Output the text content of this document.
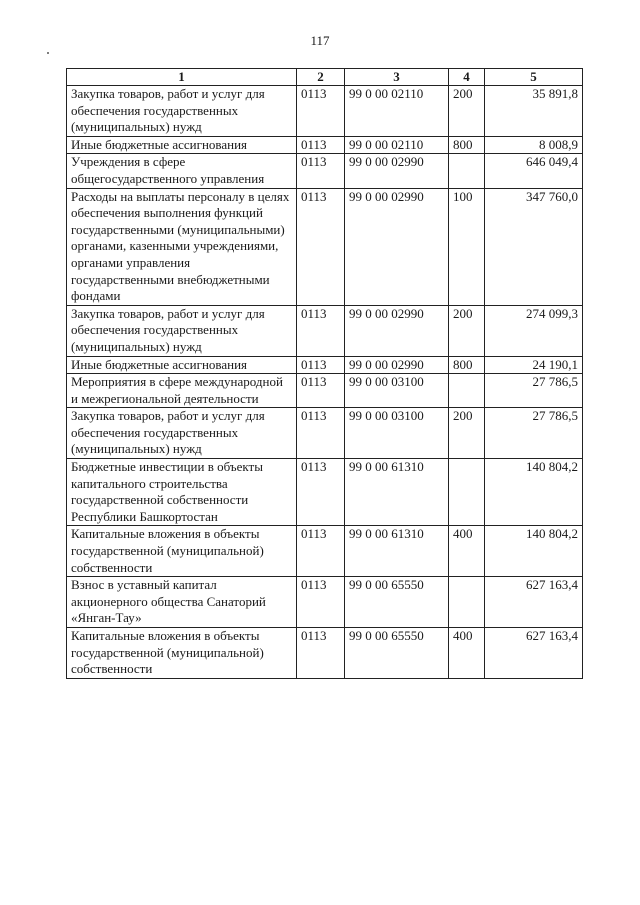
117
1	2	3	4	5
Закупка товаров, работ и услуг для обеспечения государственных (муниципальных) нужд	0113	99 0 00 02110	200	35 891,8
Иные бюджетные ассигнования	0113	99 0 00 02110	800	8 008,9
Учреждения в сфере общегосударственного управления	0113	99 0 00 02990		646 049,4
Расходы на выплаты персоналу в целях обеспечения выполнения функций государственными (муниципальными) органами, казенными учреждениями, органами управления государственными внебюджетными фондами	0113	99 0 00 02990	100	347 760,0
Закупка товаров, работ и услуг для обеспечения государственных (муниципальных) нужд	0113	99 0 00 02990	200	274 099,3
Иные бюджетные ассигнования	0113	99 0 00 02990	800	24 190,1
Мероприятия в сфере международной и межрегиональной деятельности	0113	99 0 00 03100		27 786,5
Закупка товаров, работ и услуг для обеспечения государственных (муниципальных) нужд	0113	99 0 00 03100	200	27 786,5
Бюджетные инвестиции в объекты капитального строительства государственной собственности Республики Башкортостан	0113	99 0 00 61310		140 804,2
Капитальные вложения в объекты государственной (муниципальной) собственности	0113	99 0 00 61310	400	140 804,2
Взнос в уставный капитал акционерного общества Санаторий «Янган-Тау»	0113	99 0 00 65550		627 163,4
Капитальные вложения в объекты государственной (муниципальной) собственности	0113	99 0 00 65550	400	627 163,4
